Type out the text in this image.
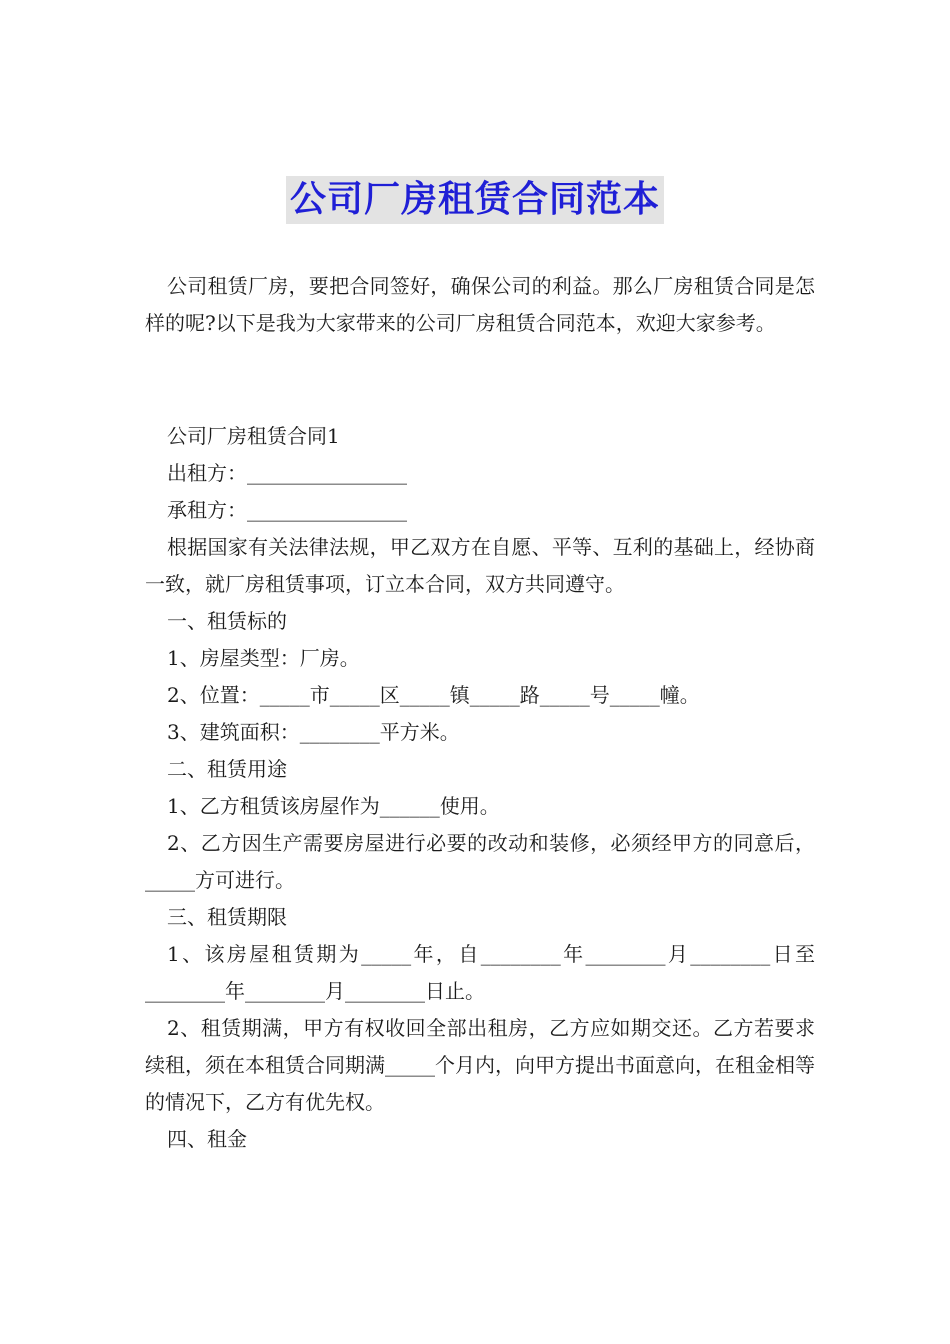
公司厂房租赁合同范本

公司租赁厂房，要把合同签好，确保公司的利益。那么厂房租赁合同是怎样的呢?以下是我为大家带来的公司厂房租赁合同范本，欢迎大家参考。

公司厂房租赁合同1

出租方：________________

承租方：________________

根据国家有关法律法规，甲乙双方在自愿、平等、互利的基础上，经协商一致，就厂房租赁事项，订立本合同，双方共同遵守。

一、租赁标的

1、房屋类型：厂房。

2、位置：_____市_____区_____镇_____路_____号_____幢。

3、建筑面积：________平方米。

二、租赁用途

1、乙方租赁该房屋作为______使用。

2、乙方因生产需要房屋进行必要的改动和装修，必须经甲方的同意后，_____方可进行。

三、租赁期限

1、该房屋租赁期为_____年，自________年________月________日至________年________月________日止。

2、租赁期满，甲方有权收回全部出租房，乙方应如期交还。乙方若要求续租，须在本租赁合同期满_____个月内，向甲方提出书面意向，在租金相等的情况下，乙方有优先权。

四、租金
